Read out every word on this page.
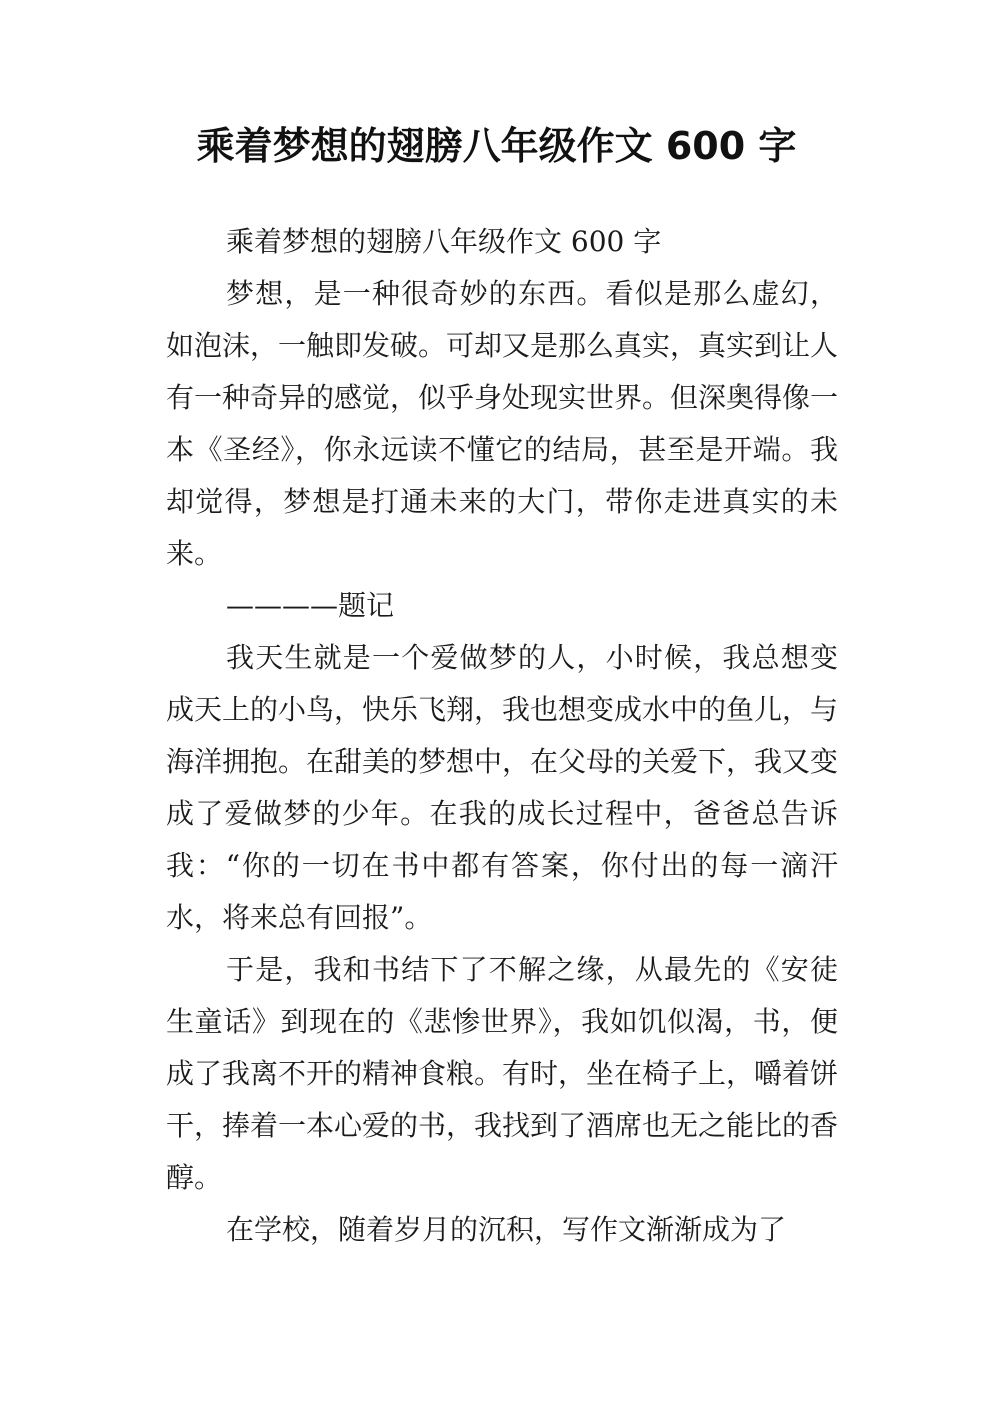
乘着梦想的翅膀八年级作文 600 字

乘着梦想的翅膀八年级作文 600 字

梦想，是一种很奇妙的东西。看似是那么虚幻，如泡沫，一触即发破。可却又是那么真实，真实到让人有一种奇异的感觉，似乎身处现实世界。但深奥得像一本《圣经》，你永远读不懂它的结局，甚至是开端。我却觉得，梦想是打通未来的大门，带你走进真实的未来。

————题记

我天生就是一个爱做梦的人，小时候，我总想变成天上的小鸟，快乐飞翔，我也想变成水中的鱼儿，与海洋拥抱。在甜美的梦想中，在父母的关爱下，我又变成了爱做梦的少年。在我的成长过程中，爸爸总告诉我：“你的一切在书中都有答案，你付出的每一滴汗水，将来总有回报”。

于是，我和书结下了不解之缘，从最先的《安徒生童话》到现在的《悲惨世界》，我如饥似渴，书，便成了我离不开的精神食粮。有时，坐在椅子上，嚼着饼干，捧着一本心爱的书，我找到了酒席也无之能比的香醇。

在学校，随着岁月的沉积，写作文渐渐成为了
